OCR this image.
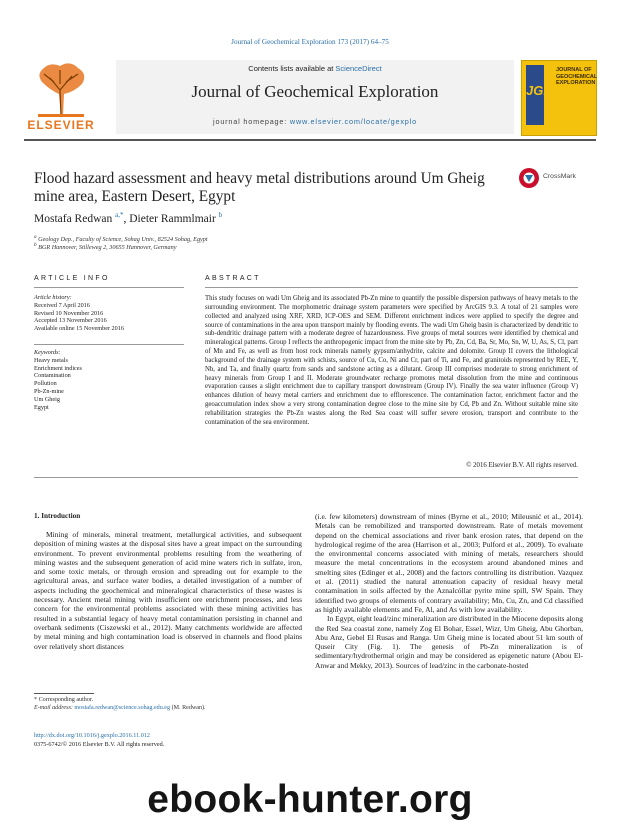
Journal of Geochemical Exploration 173 (2017) 64–75
ELSEVIER
Contents lists available at ScienceDirect
Journal of Geochemical Exploration
journal homepage: www.elsevier.com/locate/gexplo
JGE
JOURNAL OF GEOCHEMICAL EXPLORATION
Flood hazard assessment and heavy metal distributions around Um Gheig mine area, Eastern Desert, Egypt
CrossMark
Mostafa Redwan $^{a,*}$, Dieter Rammlmair $^b$
$^a$ Geology Dep., Faculty of Science, Sohag Univ., 82524 Sohag, Egypt
$^b$ BGR Hannover, Stilleweg 2, 30655 Hannover, Germany
ARTICLE INFO
Article history:
Received 7 April 2016
Revised 10 November 2016
Accepted 13 November 2016
Available online 15 November 2016
Keywords:
Heavy metals
Enrichment indices
Contamination
Pollution
Pb-Zn-mine
Um Gheig
Egypt
ABSTRACT
This study focuses on wadi Um Gheig and its associated Pb-Zn mine to quantify the possible dispersion pathways of heavy metals to the surrounding environment. The morphometric drainage system parameters were specified by ArcGIS 9.3. A total of 21 samples were collected and analyzed using XRF, XRD, ICP-OES and SEM. Different enrichment indices were applied to specify the degree and source of contaminations in the area upon transport mainly by flooding events. The wadi Um Gheig basin is characterized by dendritic to sub-dendritic drainage pattern with a moderate degree of hazardousness. Five groups of metal sources were identified by chemical and mineralogical patterns. Group I reflects the anthropogenic impact from the mine site by Pb, Zn, Cd, Ba, Sr, Mo, Sn, W, U, As, S, Cl, part of Mn and Fe, as well as from host rock minerals namely gypsum/anhydrite, calcite and dolomite. Group II covers the lithological background of the drainage system with schists, source of Cu, Co, Ni and Cr, part of Ti, and Fe, and granitoids represented by REE, Y, Nb, and Ta, and finally quartz from sands and sandstone acting as a dilutant. Group III comprises moderate to strong enrichment of heavy minerals from Group I and II. Moderate groundwater recharge promotes metal dissolution from the mine and continuous evaporation causes a slight enrichment due to capillary transport downstream (Group IV). Finally the sea water influence (Group V) enhances dilution of heavy metal carriers and enrichment due to efflorescence. The contamination factor, enrichment factor and the geoaccumulation index show a very strong contamination degree close to the mine site by Cd, Pb and Zn. Without suitable mine site rehabilitation strategies the Pb-Zn wastes along the Red Sea coast will suffer severe erosion, transport and contribute to the contamination of the sea environment.
© 2016 Elsevier B.V. All rights reserved.
1. Introduction

Mining of minerals, mineral treatment, metallurgical activities, and subsequent deposition of mining wastes at the disposal sites have a great impact on the surrounding environment. To prevent environmental problems resulting from the weathering of mining wastes and the subsequent generation of acid mine waters rich in sulfate, iron, and some toxic metals, or through erosion and spreading out for example to the agricultural areas, and surface water bodies, a detailed investigation of a number of aspects including the geochemical and mineralogical characteristics of these wastes is necessary. Ancient metal mining with insufficient ore enrichment processes, and less concern for the environmental problems associated with these mining activities has resulted in a substantial legacy of heavy metal contamination persisting in channel and overbank sediments (Ciszewski et al., 2012). Many catchments worldwide are affected by metal mining and high contamination load is observed in channels and flood plains over relatively short distances

(i.e. few kilometers) downstream of mines (Byrne et al., 2010; Mileusnić et al., 2014). Metals can be remobilized and transported downstream. Rate of metals movement depend on the chemical associations and river bank erosion rates, that depend on the hydrological regime of the area (Harrison et al., 2003; Pulford et al., 2009). To evaluate the environmental concerns associated with mining of metals, researchers should measure the metal concentrations in the ecosystem around abandoned mines and smelting sites (Edinger et al., 2008) and the factors controlling its distribution. Vazquez et al. (2011) studied the natural attenuation capacity of residual heavy metal contamination in soils affected by the Aznalcóllar pyrite mine spill, SW Spain. They identified two groups of elements of contrary availability; Mn, Cu, Zn, and Cd classified as highly available elements and Fe, Al, and As with low availability.

In Egypt, eight lead/zinc mineralization are distributed in the Miocene deposits along the Red Sea coastal zone, namely Zog El Bohar, Essel, Wizr, Um Gheig, Abu Ghorban, Abu Anz, Gebel El Rusas and Ranga. Um Gheig mine is located about 51 km south of Quseir City (Fig. 1). The genesis of Pb-Zn mineralization is of sedimentary/hydrothermal origin and may be considered as epigenetic nature (Abou El-Anwar and Mekky, 2013). Sources of lead/zinc in the carbonate-hosted

* Corresponding author.
E-mail address: mostafa.redwan@science.sohag.edu.eg (M. Redwan).
http://dx.doi.org/10.1016/j.gexplo.2016.11.012
0375-6742/© 2016 Elsevier B.V. All rights reserved.
ebook-hunter.org
